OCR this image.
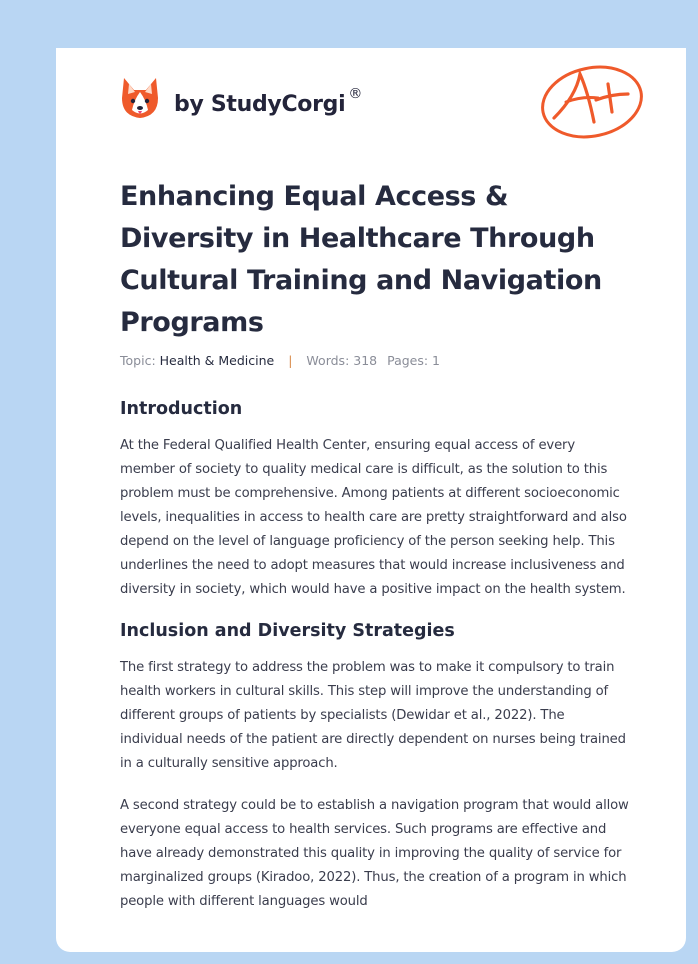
by StudyCorgi ®
Enhancing Equal Access & Diversity in Healthcare Through Cultural Training and Navigation Programs
Topic: Health & Medicine | Words: 318 Pages: 1
Introduction

At the Federal Qualified Health Center, ensuring equal access of every member of society to quality medical care is difficult, as the solution to this problem must be comprehensive. Among patients at different socioeconomic levels, inequalities in access to health care are pretty straightforward and also depend on the level of language proficiency of the person seeking help. This underlines the need to adopt measures that would increase inclusiveness and diversity in society, which would have a positive impact on the health system.

Inclusion and Diversity Strategies

The first strategy to address the problem was to make it compulsory to train health workers in cultural skills. This step will improve the understanding of different groups of patients by specialists (Dewidar et al., 2022). The individual needs of the patient are directly dependent on nurses being trained in a culturally sensitive approach.

A second strategy could be to establish a navigation program that would allow everyone equal access to health services. Such programs are effective and have already demonstrated this quality in improving the quality of service for marginalized groups (Kiradoo, 2022). Thus, the creation of a program in which people with different languages would
